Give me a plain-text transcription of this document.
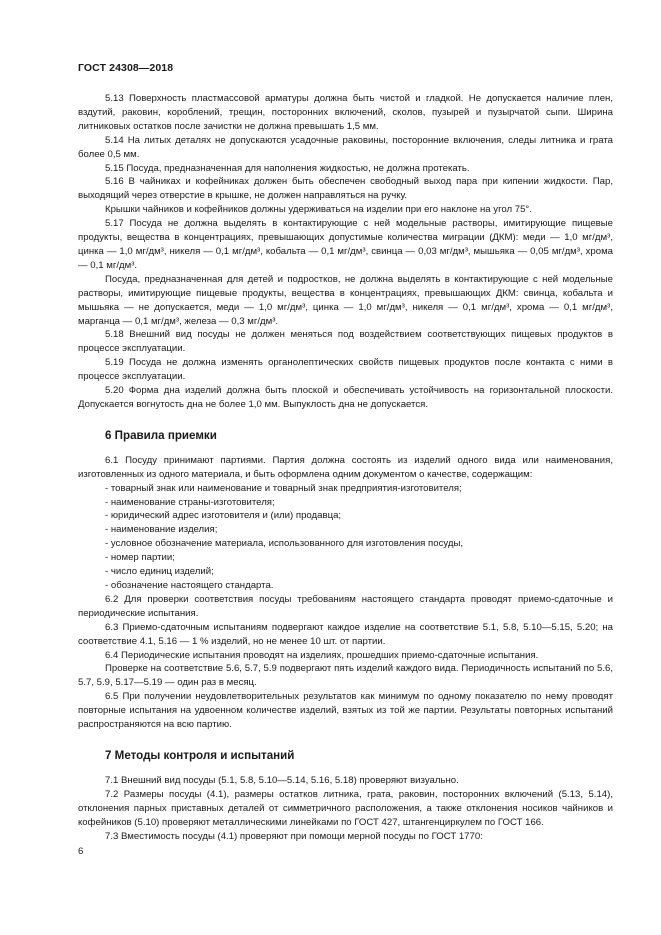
ГОСТ 24308—2018

5.13 Поверхность пластмассовой арматуры должна быть чистой и гладкой. Не допускается наличие плен, вздутий, раковин, короблений, трещин, посторонних включений, сколов, пузырей и пузырчатой сыпи. Ширина литниковых остатков после зачистки не должна превышать 1,5 мм.

5.14 На литых деталях не допускаются усадочные раковины, посторонние включения, следы литника и грата более 0,5 мм.

5.15 Посуда, предназначенная для наполнения жидкостью, не должна протекать.

5.16 В чайниках и кофейниках должен быть обеспечен свободный выход пара при кипении жидкости. Пар, выходящий через отверстие в крышке, не должен направляться на ручку.

Крышки чайников и кофейников должны удерживаться на изделии при его наклоне на угол 75°.

5.17 Посуда не должна выделять в контактирующие с ней модельные растворы, имитирующие пищевые продукты, вещества в концентрациях, превышающих допустимые количества миграции (ДКМ): меди — 1,0 мг/дм³, цинка — 1,0 мг/дм³, никеля — 0,1 мг/дм³, кобальта — 0,1 мг/дм³, свинца — 0,03 мг/дм³, мышьяка — 0,05 мг/дм³, хрома — 0,1 мг/дм³.

Посуда, предназначенная для детей и подростков, не должна выделять в контактирующие с ней модельные растворы, имитирующие пищевые продукты, вещества в концентрациях, превышающих ДКМ: свинца, кобальта и мышьяка — не допускается, меди — 1,0 мг/дм³, цинка — 1,0 мг/дм³, никеля — 0,1 мг/дм³, хрома — 0,1 мг/дм³, марганца — 0,1 мг/дм³, железа — 0,3 мг/дм³.

5.18 Внешний вид посуды не должен меняться под воздействием соответствующих пищевых продуктов в процессе эксплуатации.

5.19 Посуда не должна изменять органолептических свойств пищевых продуктов после контакта с ними в процессе эксплуатации.

5.20 Форма дна изделий должна быть плоской и обеспечивать устойчивость на горизонтальной плоскости. Допускается вогнутость дна не более 1,0 мм. Выпуклость дна не допускается.

6 Правила приемки

6.1 Посуду принимают партиями. Партия должна состоять из изделий одного вида или наименования, изготовленных из одного материала, и быть оформлена одним документом о качестве, содержащим:

- товарный знак или наименование и товарный знак предприятия-изготовителя;

- наименование страны-изготовителя;

- юридический адрес изготовителя и (или) продавца;

- наименование изделия;

- условное обозначение материала, использованного для изготовления посуды,

- номер партии;

- число единиц изделий;

- обозначение настоящего стандарта.

6.2 Для проверки соответствия посуды требованиям настоящего стандарта проводят приемо-сдаточные и периодические испытания.

6.3 Приемо-сдаточным испытаниям подвергают каждое изделие на соответствие 5.1, 5.8, 5.10—5.15, 5.20; на соответствие 4.1, 5.16 — 1 % изделий, но не менее 10 шт. от партии.

6.4 Периодические испытания проводят на изделиях, прошедших приемо-сдаточные испытания.

Проверке на соответствие 5.6, 5.7, 5.9 подвергают пять изделий каждого вида. Периодичность испытаний по 5.6, 5.7, 5.9, 5.17—5.19 — один раз в месяц.

6.5 При получении неудовлетворительных результатов как минимум по одному показателю по нему проводят повторные испытания на удвоенном количестве изделий, взятых из той же партии. Результаты повторных испытаний распространяются на всю партию.

7 Методы контроля и испытаний

7.1 Внешний вид посуды (5.1, 5.8, 5.10—5.14, 5.16, 5.18) проверяют визуально.

7.2 Размеры посуды (4.1), размеры остатков литника, грата, раковин, посторонних включений (5.13, 5.14), отклонения парных приставных деталей от симметричного расположения, а также отклонения носиков чайников и кофейников (5.10) проверяют металлическими линейками по ГОСТ 427, штангенциркулем по ГОСТ 166.

7.3 Вместимость посуды (4.1) проверяют при помощи мерной посуды по ГОСТ 1770:

6
